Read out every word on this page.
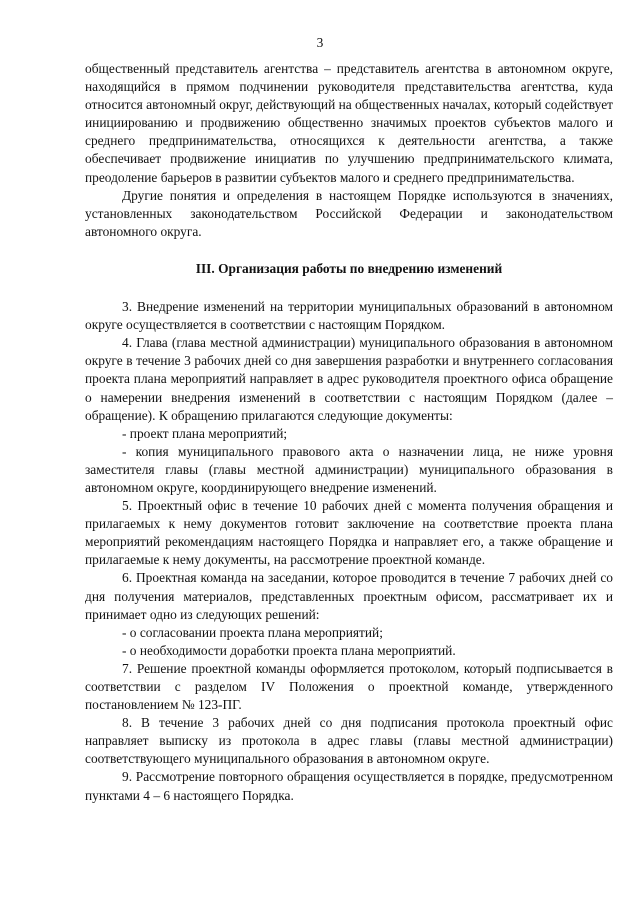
3

общественный представитель агентства – представитель агентства в автономном округе, находящийся в прямом подчинении руководителя представительства агентства, куда относится автономный округ, действующий на общественных началах, который содействует инициированию и продвижению общественно значимых проектов субъектов малого и среднего предпринимательства, относящихся к деятельности агентства, а также обеспечивает продвижение инициатив по улучшению предпринимательского климата, преодоление барьеров в развитии субъектов малого и среднего предпринимательства.

Другие понятия и определения в настоящем Порядке используются в значениях, установленных законодательством Российской Федерации и законодательством автономного округа.

III. Организация работы по внедрению изменений

3. Внедрение изменений на территории муниципальных образований в автономном округе осуществляется в соответствии с настоящим Порядком.

4. Глава (глава местной администрации) муниципального образования в автономном округе в течение 3 рабочих дней со дня завершения разработки и внутреннего согласования проекта плана мероприятий направляет в адрес руководителя проектного офиса обращение о намерении внедрения изменений в соответствии с настоящим Порядком (далее – обращение). К обращению прилагаются следующие документы:

- проект плана мероприятий;

- копия муниципального правового акта о назначении лица, не ниже уровня заместителя главы (главы местной администрации) муниципального образования в автономном округе, координирующего внедрение изменений.

5. Проектный офис в течение 10 рабочих дней с момента получения обращения и прилагаемых к нему документов готовит заключение на соответствие проекта плана мероприятий рекомендациям настоящего Порядка и направляет его, а также обращение и прилагаемые к нему документы, на рассмотрение проектной команде.

6. Проектная команда на заседании, которое проводится в течение 7 рабочих дней со дня получения материалов, представленных проектным офисом, рассматривает их и принимает одно из следующих решений:

- о согласовании проекта плана мероприятий;

- о необходимости доработки проекта плана мероприятий.

7. Решение проектной команды оформляется протоколом, который подписывается в соответствии с разделом IV Положения о проектной команде, утвержденного постановлением № 123-ПГ.

8. В течение 3 рабочих дней со дня подписания протокола проектный офис направляет выписку из протокола в адрес главы (главы местной администрации) соответствующего муниципального образования в автономном округе.

9. Рассмотрение повторного обращения осуществляется в порядке, предусмотренном пунктами 4 – 6 настоящего Порядка.
